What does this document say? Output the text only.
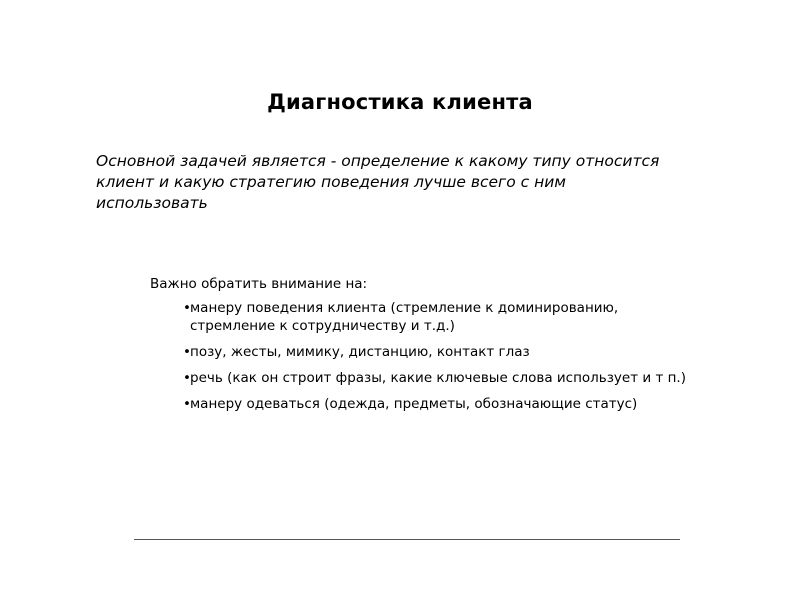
Диагностика клиента
Основной задачей является - определение к какому типу относится
клиент и какую стратегию поведения лучше всего с ним
использовать
Важно обратить внимание на:
• манеру поведения клиента (стремление к доминированию,
стремление к сотрудничеству и т.д.)
• позу, жесты, мимику, дистанцию, контакт глаз
• речь (как он строит фразы, какие ключевые слова использует и т п.)
• манеру одеваться (одежда, предметы, обозначающие статус)
